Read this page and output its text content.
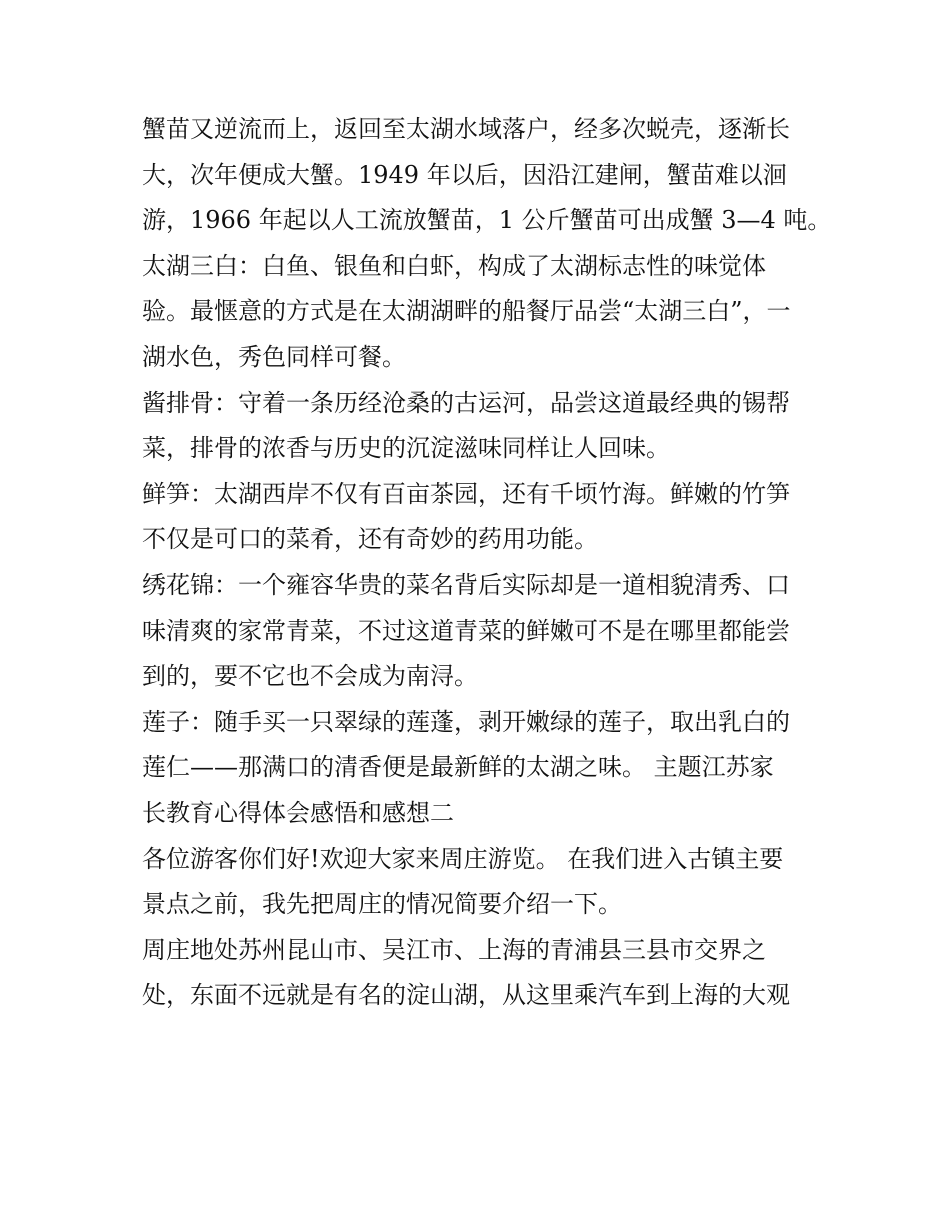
蟹苗又逆流而上，返回至太湖水域落户，经多次蜕壳，逐渐长
大，次年便成大蟹。1949 年以后，因沿江建闸，蟹苗难以洄
游，1966 年起以人工流放蟹苗，1 公斤蟹苗可出成蟹 3—4 吨。
太湖三白：白鱼、银鱼和白虾，构成了太湖标志性的味觉体
验。最惬意的方式是在太湖湖畔的船餐厅品尝“太湖三白”，一
湖水色，秀色同样可餐。
酱排骨：守着一条历经沧桑的古运河，品尝这道最经典的锡帮
菜，排骨的浓香与历史的沉淀滋味同样让人回味。
鲜笋：太湖西岸不仅有百亩茶园，还有千顷竹海。鲜嫩的竹笋
不仅是可口的菜肴，还有奇妙的药用功能。
绣花锦：一个雍容华贵的菜名背后实际却是一道相貌清秀、口
味清爽的家常青菜，不过这道青菜的鲜嫩可不是在哪里都能尝
到的，要不它也不会成为南浔。
莲子：随手买一只翠绿的莲蓬，剥开嫩绿的莲子，取出乳白的
莲仁——那满口的清香便是最新鲜的太湖之味。 主题江苏家
长教育心得体会感悟和感想二
各位游客你们好!欢迎大家来周庄游览。 在我们进入古镇主要
景点之前，我先把周庄的情况简要介绍一下。
周庄地处苏州昆山市、吴江市、上海的青浦县三县市交界之
处，东面不远就是有名的淀山湖，从这里乘汽车到上海的大观
